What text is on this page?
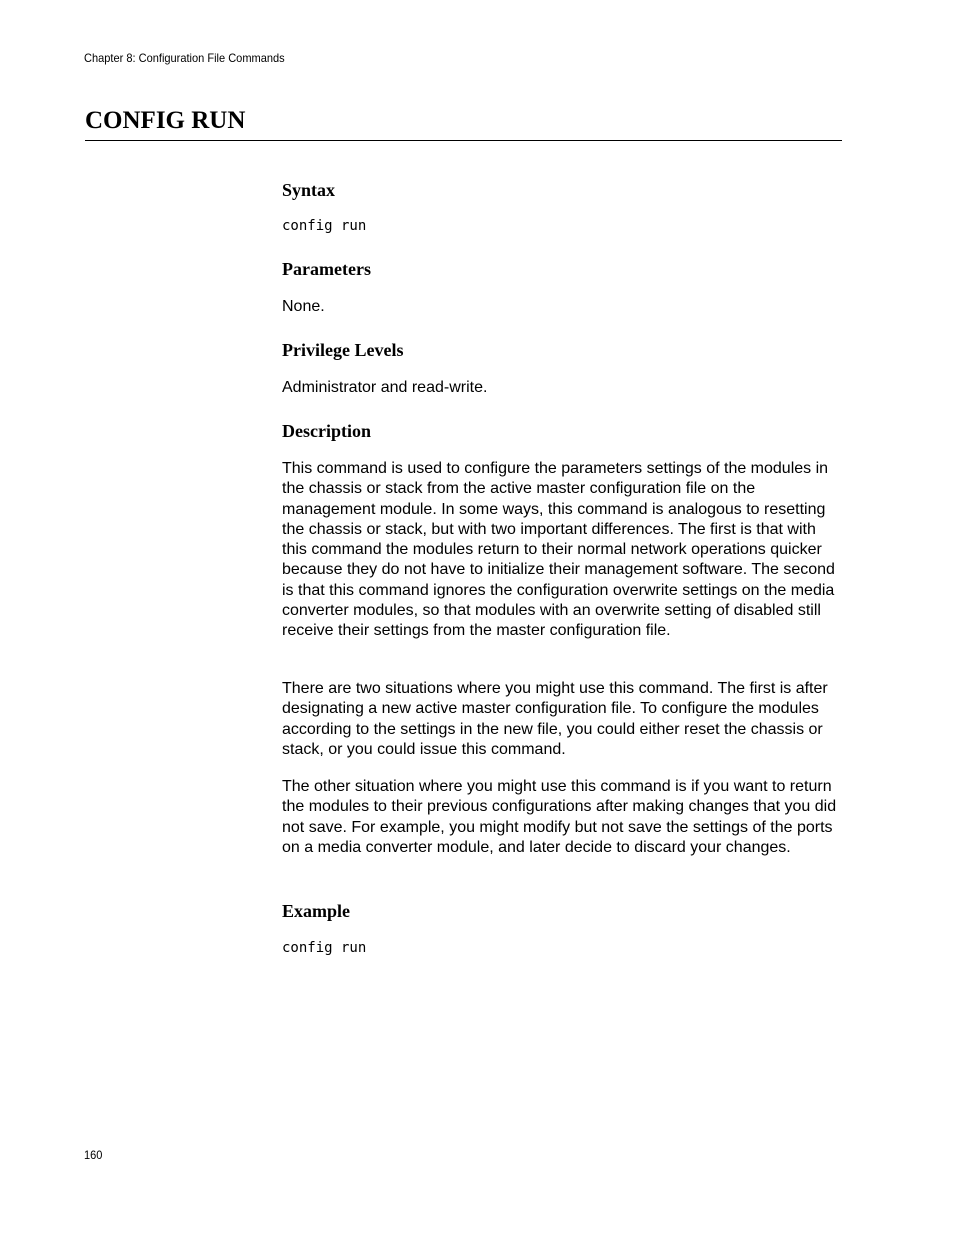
Chapter 8: Configuration File Commands
CONFIG RUN
Syntax
config run
Parameters

None.

Privilege Levels

Administrator and read-write.

Description

This command is used to configure the parameters settings of the modules in the chassis or stack from the active master configuration file on the management module. In some ways, this command is analogous to resetting the chassis or stack, but with two important differences. The first is that with this command the modules return to their normal network operations quicker because they do not have to initialize their management software. The second is that this command ignores the configuration overwrite settings on the media converter modules, so that modules with an overwrite setting of disabled still receive their settings from the master configuration file.

There are two situations where you might use this command. The first is after designating a new active master configuration file. To configure the modules according to the settings in the new file, you could either reset the chassis or stack, or you could issue this command.

The other situation where you might use this command is if you want to return the modules to their previous configurations after making changes that you did not save. For example, you might modify but not save the settings of the ports on a media converter module, and later decide to discard your changes.

Example
config run
160
